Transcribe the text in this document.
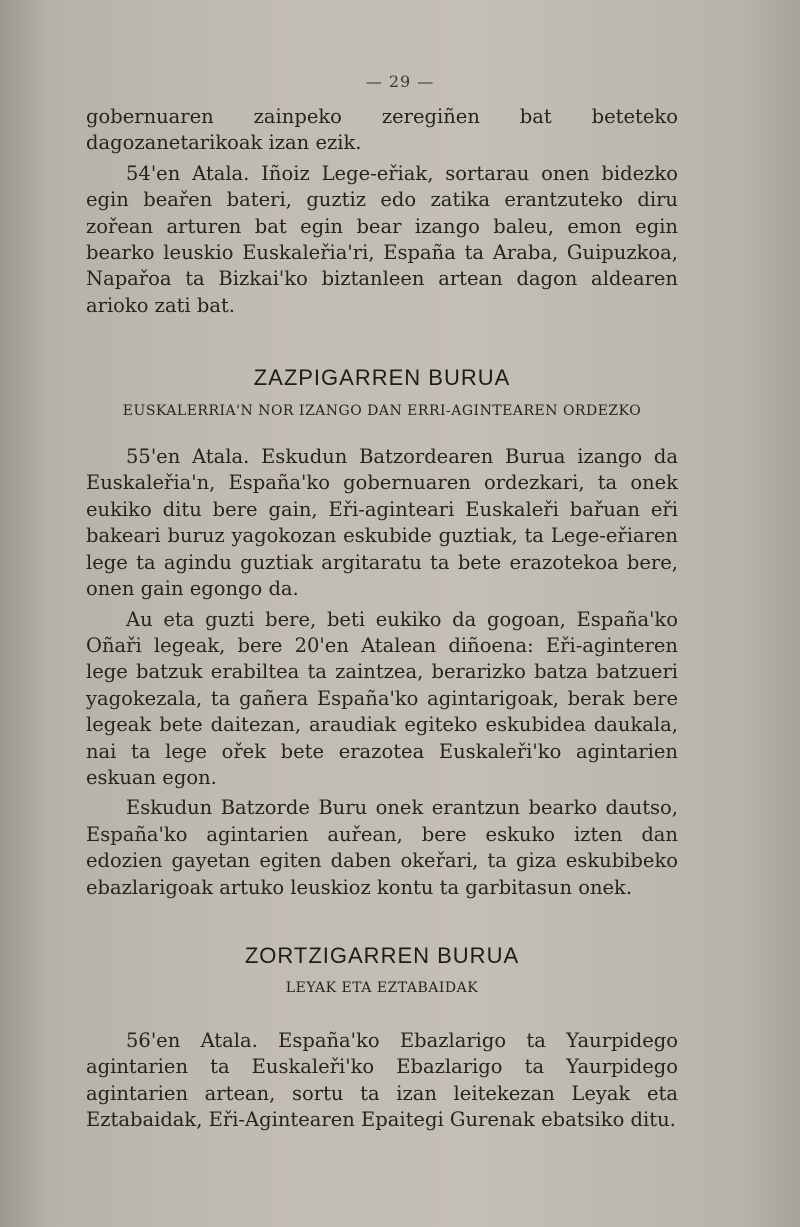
— 29 —

gobernuaren zainpeko zeregiñen bat beteteko dagozanetarikoak izan ezik.

54'en Atala. Iñoiz Lege-eřiak, sortarau onen bidezko egin beařen bateri, guztiz edo zatika erantzuteko diru zořean arturen bat egin bear izango baleu, emon egin bearko leuskio Euskaleřia'ri, España ta Araba, Guipuzkoa, Napařoa ta Bizkai'ko biztanleen artean dagon aldearen arioko zati bat.

ZAZPIGARREN BURUA
EUSKALERRIA'N NOR IZANGO DAN ERRI-AGINTEAREN ORDEZKO

55'en Atala. Eskudun Batzordearen Burua izango da Euskaleřia'n, España'ko gobernuaren ordezkari, ta onek eukiko ditu bere gain, Eři-aginteari Euskaleři bařuan eři bakeari buruz yagokozan eskubide guztiak, ta Lege-eřiaren lege ta agindu guztiak argitaratu ta bete erazotekoa bere, onen gain egongo da.

Au eta guzti bere, beti eukiko da gogoan, España'ko Oñaři legeak, bere 20'en Atalean diñoena: Eři-aginteren lege batzuk erabiltea ta zaintzea, berarizko batza batzueri yagokezala, ta gañera España'ko agintarigoak, berak bere legeak bete daitezan, araudiak egiteko eskubidea daukala, nai ta lege ořek bete erazotea Euskaleři'ko agintarien eskuan egon.

Eskudun Batzorde Buru onek erantzun bearko dautso, España'ko agintarien auřean, bere eskuko izten dan edozien gayetan egiten daben okeřari, ta giza eskubibeko ebazlarigoak artuko leuskioz kontu ta garbitasun onek.

ZORTZIGARREN BURUA
LEYAK ETA EZTABAIDAK

56'en Atala. España'ko Ebazlarigo ta Yaurpidego agintarien ta Euskaleři'ko Ebazlarigo ta Yaurpidego agintarien artean, sortu ta izan leitekezan Leyak eta Eztabaidak, Eři-Agintearen Epaitegi Gurenak ebatsiko ditu.
